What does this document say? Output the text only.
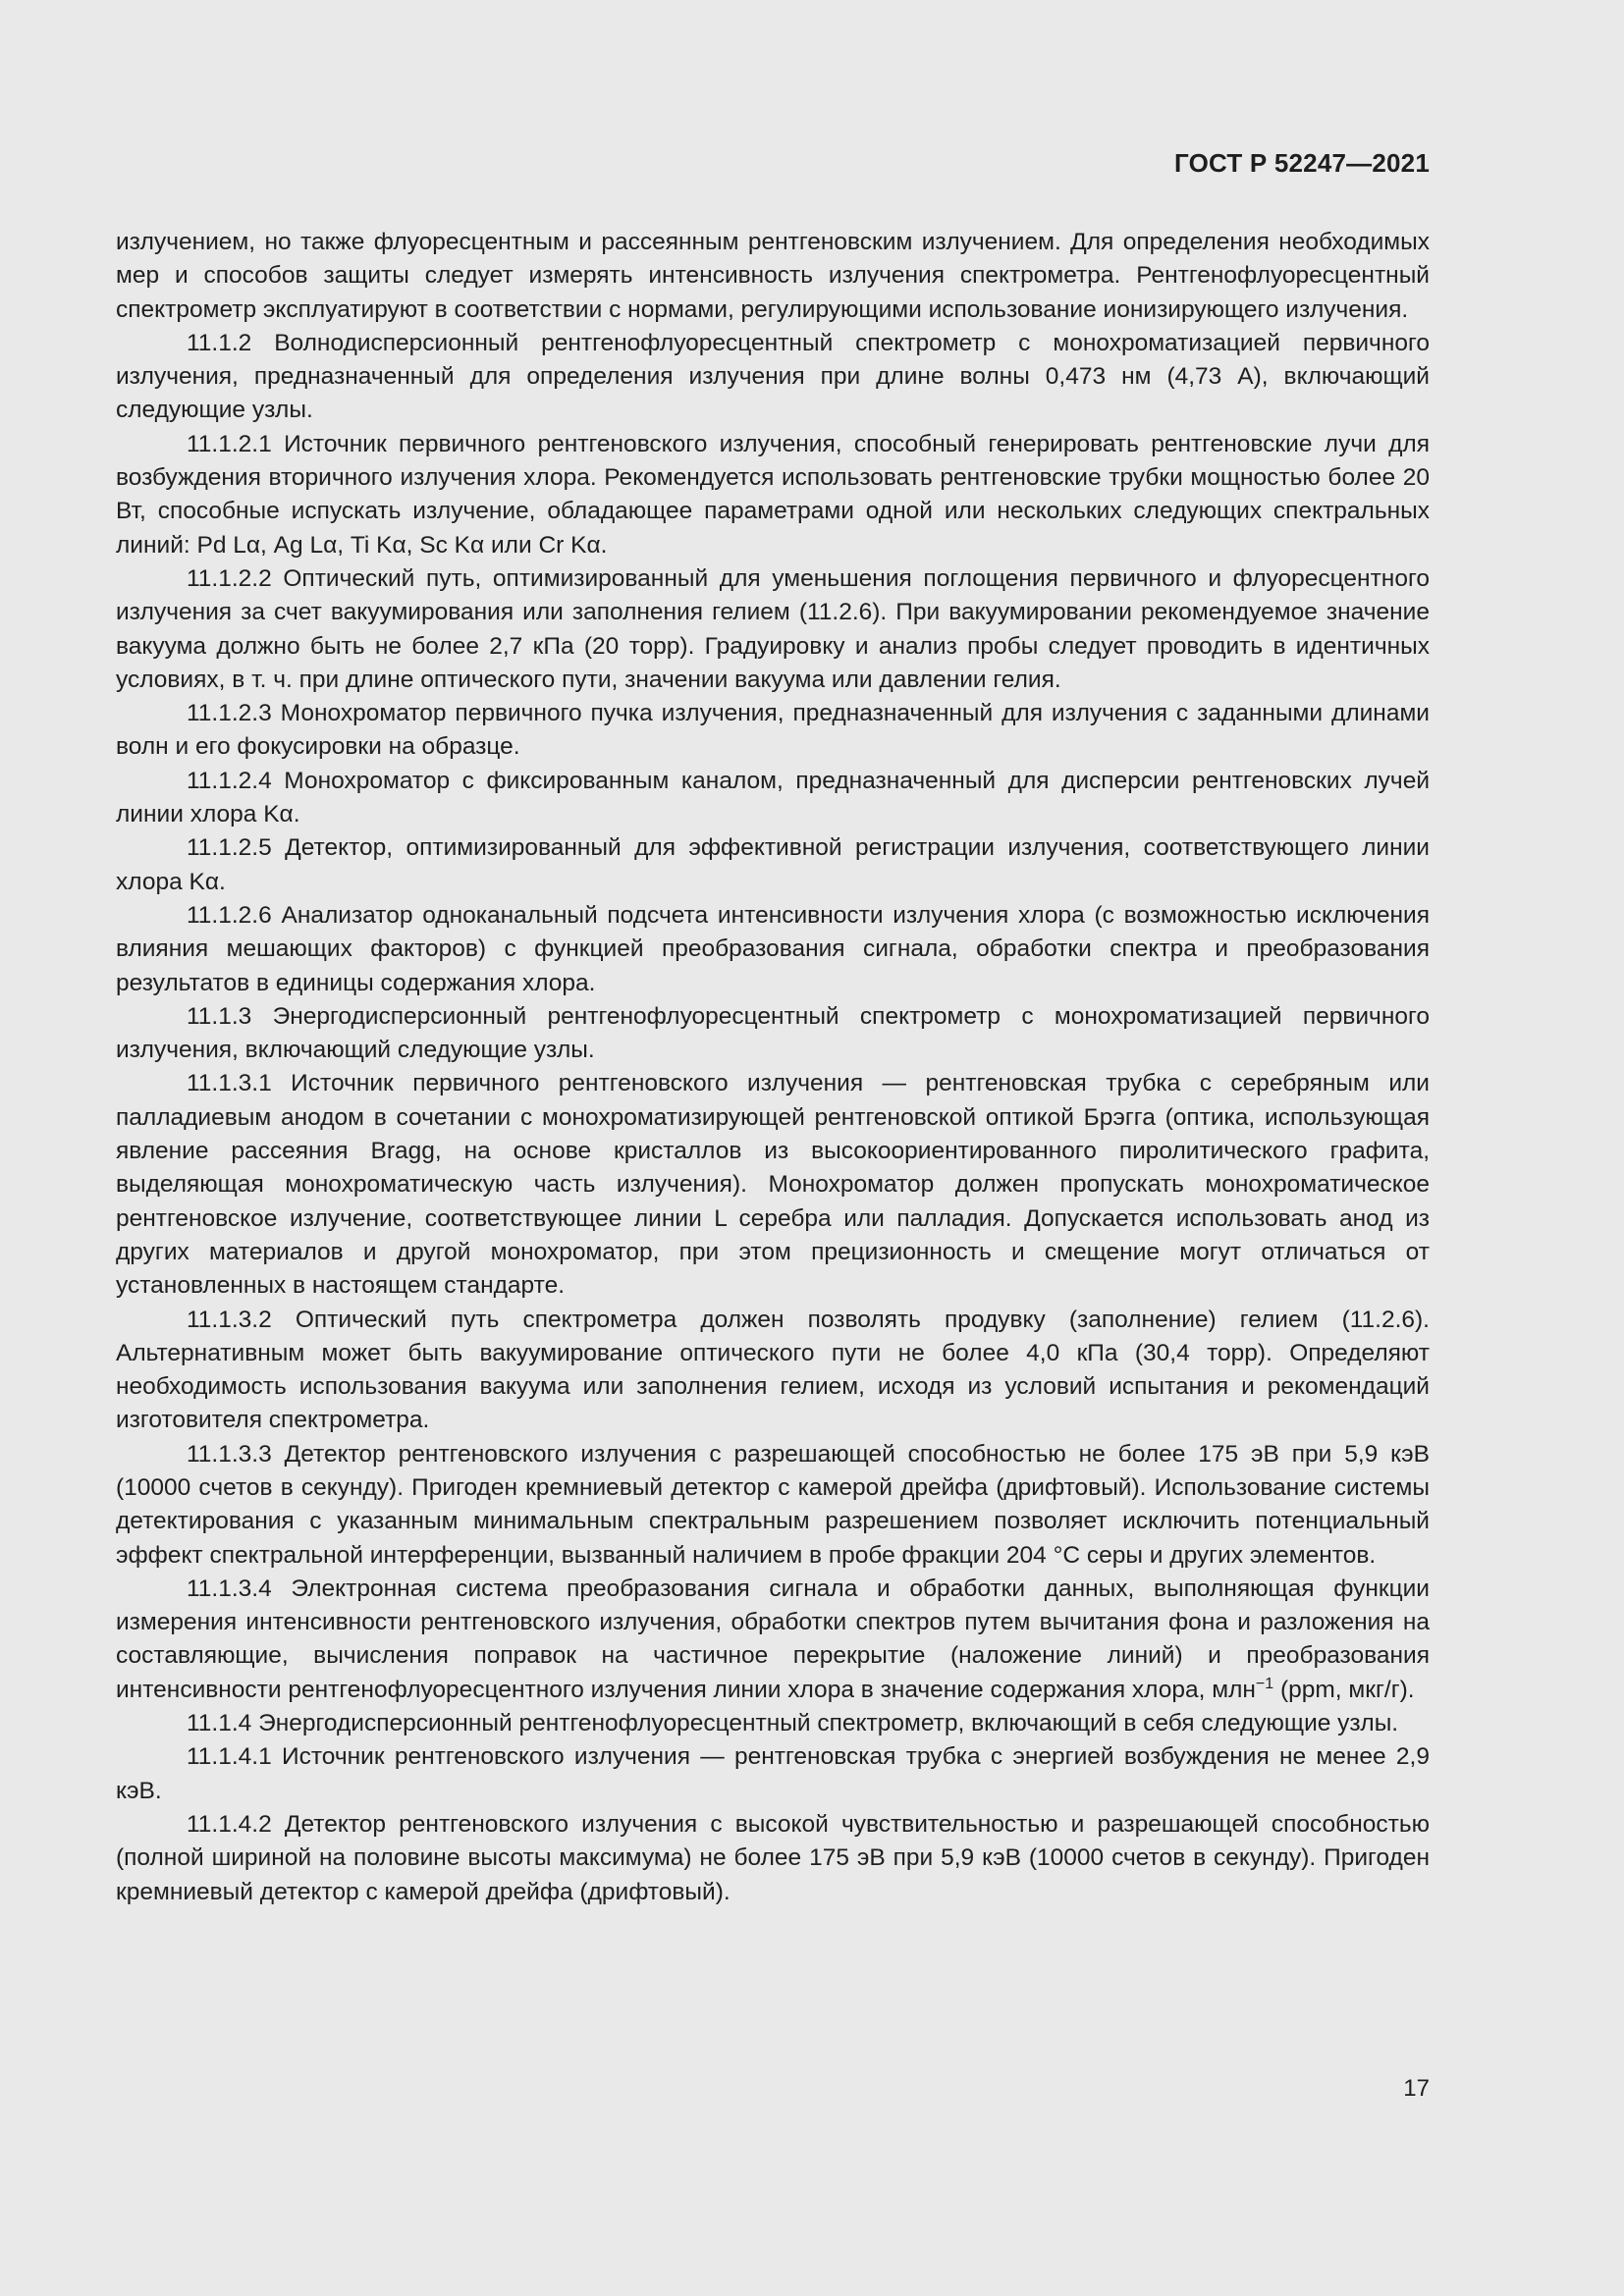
ГОСТ Р 52247—2021

излучением, но также флуоресцентным и рассеянным рентгеновским излучением. Для определения необходимых мер и способов защиты следует измерять интенсивность излучения спектрометра. Рентгенофлуоресцентный спектрометр эксплуатируют в соответствии с нормами, регулирующими использование ионизирующего излучения.

11.1.2 Волнодисперсионный рентгенофлуоресцентный спектрометр с монохроматизацией первичного излучения, предназначенный для определения излучения при длине волны 0,473 нм (4,73 А), включающий следующие узлы.

11.1.2.1 Источник первичного рентгеновского излучения, способный генерировать рентгеновские лучи для возбуждения вторичного излучения хлора. Рекомендуется использовать рентгеновские трубки мощностью более 20 Вт, способные испускать излучение, обладающее параметрами одной или нескольких следующих спектральных линий: Pd Lα, Ag Lα, Ti Kα, Sc Kα или Cr Kα.

11.1.2.2 Оптический путь, оптимизированный для уменьшения поглощения первичного и флуоресцентного излучения за счет вакуумирования или заполнения гелием (11.2.6). При вакуумировании рекомендуемое значение вакуума должно быть не более 2,7 кПа (20 торр). Градуировку и анализ пробы следует проводить в идентичных условиях, в т. ч. при длине оптического пути, значении вакуума или давлении гелия.

11.1.2.3 Монохроматор первичного пучка излучения, предназначенный для излучения с заданными длинами волн и его фокусировки на образце.

11.1.2.4 Монохроматор с фиксированным каналом, предназначенный для дисперсии рентгеновских лучей линии хлора Kα.

11.1.2.5 Детектор, оптимизированный для эффективной регистрации излучения, соответствующего линии хлора Kα.

11.1.2.6 Анализатор одноканальный подсчета интенсивности излучения хлора (с возможностью исключения влияния мешающих факторов) с функцией преобразования сигнала, обработки спектра и преобразования результатов в единицы содержания хлора.

11.1.3 Энергодисперсионный рентгенофлуоресцентный спектрометр с монохроматизацией первичного излучения, включающий следующие узлы.

11.1.3.1 Источник первичного рентгеновского излучения — рентгеновская трубка с серебряным или палладиевым анодом в сочетании с монохроматизирующей рентгеновской оптикой Брэгга (оптика, использующая явление рассеяния Bragg, на основе кристаллов из высокоориентированного пиролитического графита, выделяющая монохроматическую часть излучения). Монохроматор должен пропускать монохроматическое рентгеновское излучение, соответствующее линии L серебра или палладия. Допускается использовать анод из других материалов и другой монохроматор, при этом прецизионность и смещение могут отличаться от установленных в настоящем стандарте.

11.1.3.2 Оптический путь спектрометра должен позволять продувку (заполнение) гелием (11.2.6). Альтернативным может быть вакуумирование оптического пути не более 4,0 кПа (30,4 торр). Определяют необходимость использования вакуума или заполнения гелием, исходя из условий испытания и рекомендаций изготовителя спектрометра.

11.1.3.3 Детектор рентгеновского излучения с разрешающей способностью не более 175 эВ при 5,9 кэВ (10000 счетов в секунду). Пригоден кремниевый детектор с камерой дрейфа (дрифтовый). Использование системы детектирования с указанным минимальным спектральным разрешением позволяет исключить потенциальный эффект спектральной интерференции, вызванный наличием в пробе фракции 204 °С серы и других элементов.

11.1.3.4 Электронная система преобразования сигнала и обработки данных, выполняющая функции измерения интенсивности рентгеновского излучения, обработки спектров путем вычитания фона и разложения на составляющие, вычисления поправок на частичное перекрытие (наложение линий) и преобразования интенсивности рентгенофлуоресцентного излучения линии хлора в значение содержания хлора, млн$^{-1}$ (ppm, мкг/г).

11.1.4 Энергодисперсионный рентгенофлуоресцентный спектрометр, включающий в себя следующие узлы.

11.1.4.1 Источник рентгеновского излучения — рентгеновская трубка с энергией возбуждения не менее 2,9 кэВ.

11.1.4.2 Детектор рентгеновского излучения с высокой чувствительностью и разрешающей способностью (полной шириной на половине высоты максимума) не более 175 эВ при 5,9 кэВ (10000 счетов в секунду). Пригоден кремниевый детектор с камерой дрейфа (дрифтовый).

17
